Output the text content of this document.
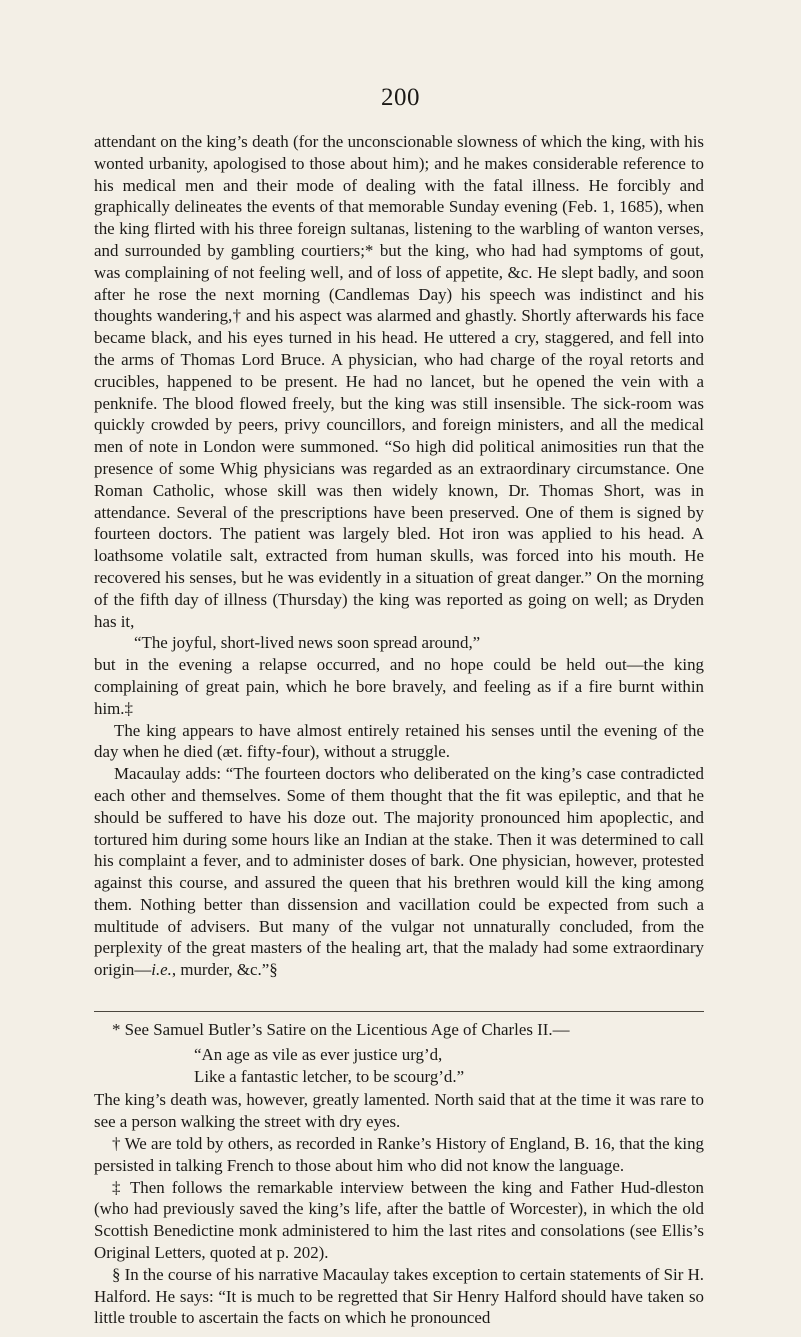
200

attendant on the king’s death (for the unconscionable slowness of which the king, with his wonted urbanity, apologised to those about him); and he makes considerable reference to his medical men and their mode of dealing with the fatal illness. He forcibly and graphically delineates the events of that memorable Sunday evening (Feb. 1, 1685), when the king flirted with his three foreign sultanas, listening to the warbling of wanton verses, and surrounded by gambling courtiers;* but the king, who had had symptoms of gout, was complaining of not feeling well, and of loss of appetite, &c. He slept badly, and soon after he rose the next morning (Candlemas Day) his speech was indistinct and his thoughts wandering,† and his aspect was alarmed and ghastly. Shortly afterwards his face became black, and his eyes turned in his head. He uttered a cry, staggered, and fell into the arms of Thomas Lord Bruce. A physician, who had charge of the royal retorts and crucibles, happened to be present. He had no lancet, but he opened the vein with a penknife. The blood flowed freely, but the king was still insensible. The sick-room was quickly crowded by peers, privy councillors, and foreign ministers, and all the medical men of note in London were summoned. “So high did political animosities run that the presence of some Whig physicians was regarded as an extraordinary circumstance. One Roman Catholic, whose skill was then widely known, Dr. Thomas Short, was in attendance. Several of the prescriptions have been preserved. One of them is signed by fourteen doctors. The patient was largely bled. Hot iron was applied to his head. A loathsome volatile salt, extracted from human skulls, was forced into his mouth. He recovered his senses, but he was evidently in a situation of great danger.” On the morning of the fifth day of illness (Thursday) the king was reported as going on well; as Dryden has it,

“The joyful, short-lived news soon spread around,”

but in the evening a relapse occurred, and no hope could be held out—the king complaining of great pain, which he bore bravely, and feeling as if a fire burnt within him.‡

The king appears to have almost entirely retained his senses until the evening of the day when he died (æt. fifty-four), without a struggle.

Macaulay adds: “The fourteen doctors who deliberated on the king’s case contradicted each other and themselves. Some of them thought that the fit was epileptic, and that he should be suffered to have his doze out. The majority pronounced him apoplectic, and tortured him during some hours like an Indian at the stake. Then it was determined to call his complaint a fever, and to administer doses of bark. One physician, however, protested against this course, and assured the queen that his brethren would kill the king among them. Nothing better than dissension and vacillation could be expected from such a multitude of advisers. But many of the vulgar not unnaturally concluded, from the perplexity of the great masters of the healing art, that the malady had some extraordinary origin—i.e., murder, &c.”§

* See Samuel Butler’s Satire on the Licentious Age of Charles II.—

“An age as vile as ever justice urg’d,
Like a fantastic letcher, to be scourg’d.”

The king’s death was, however, greatly lamented. North said that at the time it was rare to see a person walking the street with dry eyes.

† We are told by others, as recorded in Ranke’s History of England, B. 16, that the king persisted in talking French to those about him who did not know the language.

‡ Then follows the remarkable interview between the king and Father Hud-dleston (who had previously saved the king’s life, after the battle of Worcester), in which the old Scottish Benedictine monk administered to him the last rites and consolations (see Ellis’s Original Letters, quoted at p. 202).

§ In the course of his narrative Macaulay takes exception to certain statements of Sir H. Halford. He says: “It is much to be regretted that Sir Henry Halford should have taken so little trouble to ascertain the facts on which he pronounced
